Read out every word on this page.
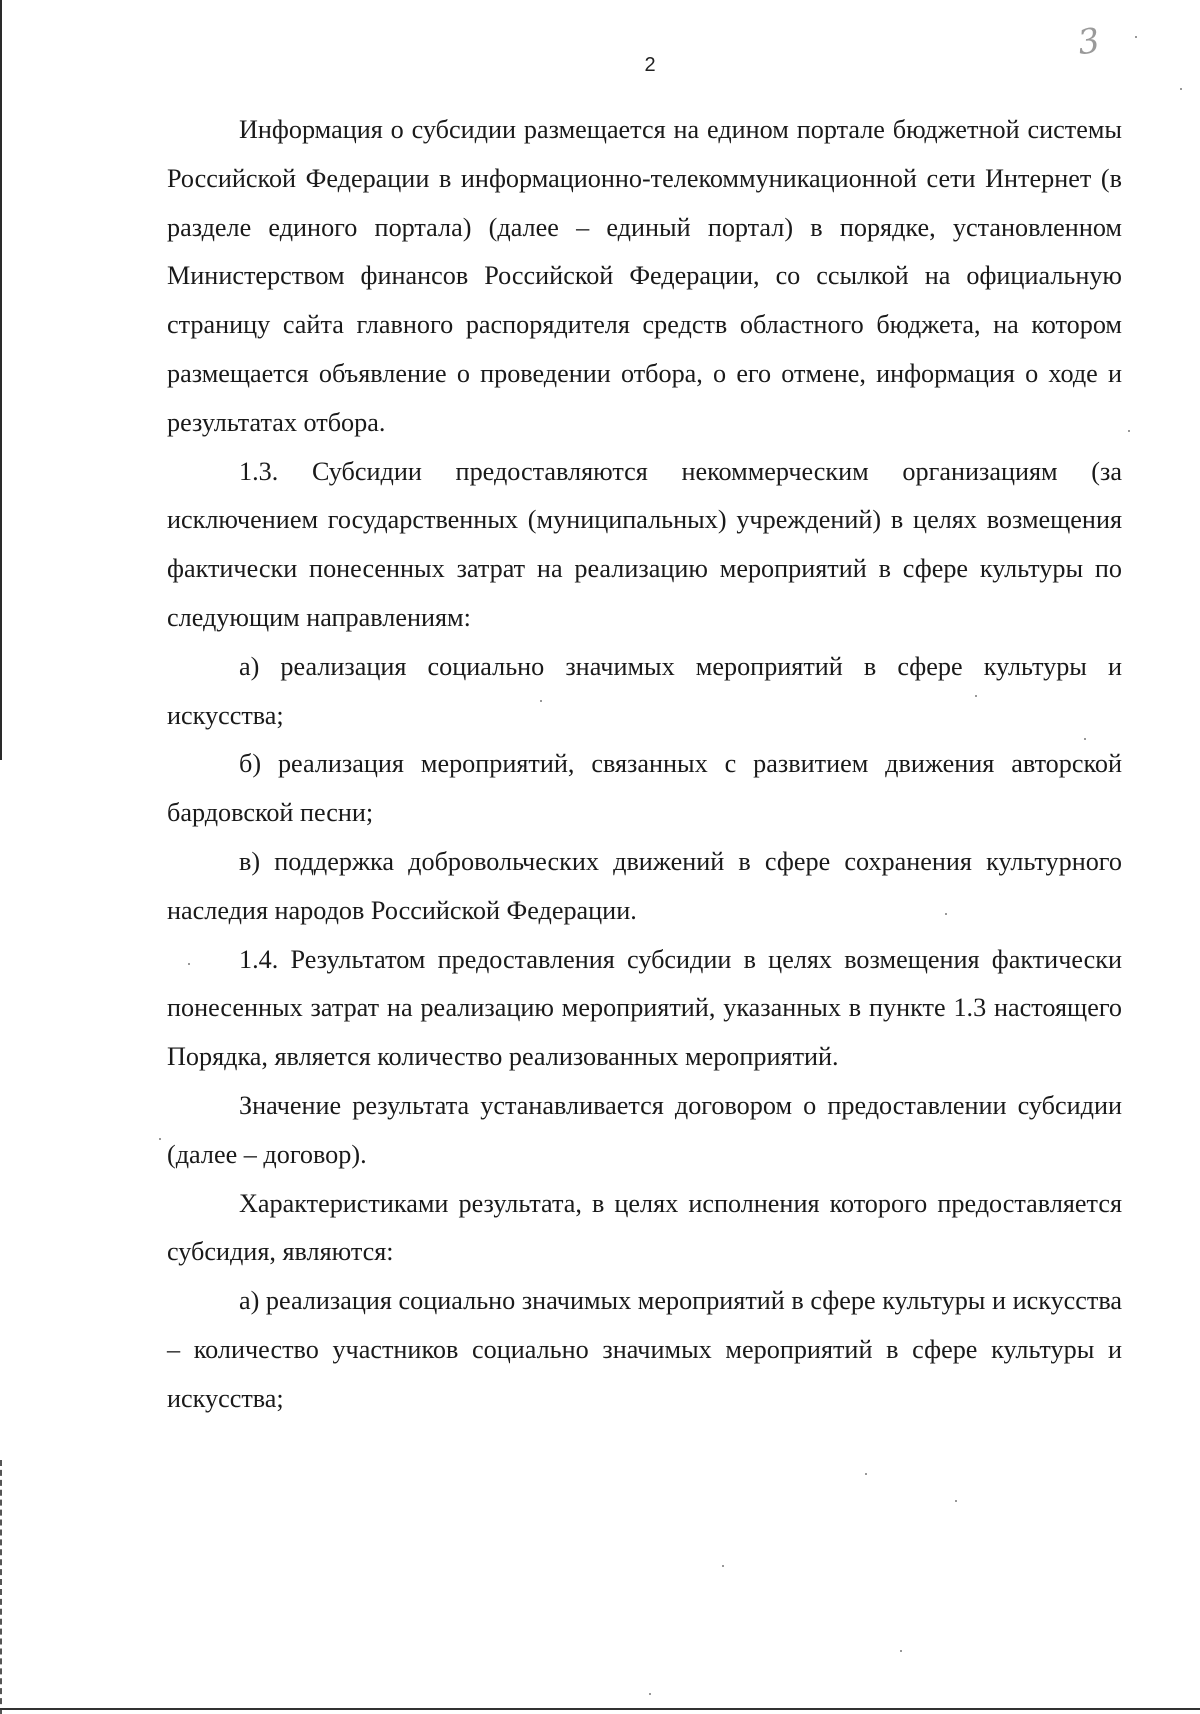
2
3

Информация о субсидии размещается на едином портале бюджетной системы Российской Федерации в информационно-телекоммуникационной сети Интернет (в разделе единого портала) (далее – единый портал) в порядке, установленном Министерством финансов Российской Федерации, со ссылкой на официальную страницу сайта главного распорядителя средств областного бюджета, на котором размещается объявление о проведении отбора, о его отмене, информация о ходе и результатах отбора.

1.3. Субсидии предоставляются некоммерческим организациям (за исключением государственных (муниципальных) учреждений) в целях возмещения фактически понесенных затрат на реализацию мероприятий в сфере культуры по следующим направлениям:

а) реализация социально значимых мероприятий в сфере культуры и искусства;

б) реализация мероприятий, связанных с развитием движения авторской бардовской песни;

в) поддержка добровольческих движений в сфере сохранения культурного наследия народов Российской Федерации.

1.4. Результатом предоставления субсидии в целях возмещения фактически понесенных затрат на реализацию мероприятий, указанных в пункте 1.3 настоящего Порядка, является количество реализованных мероприятий.

Значение результата устанавливается договором о предоставлении субсидии (далее – договор).

Характеристиками результата, в целях исполнения которого предоставляется субсидия, являются:

а) реализация социально значимых мероприятий в сфере культуры и искусства – количество участников социально значимых мероприятий в сфере культуры и искусства;
